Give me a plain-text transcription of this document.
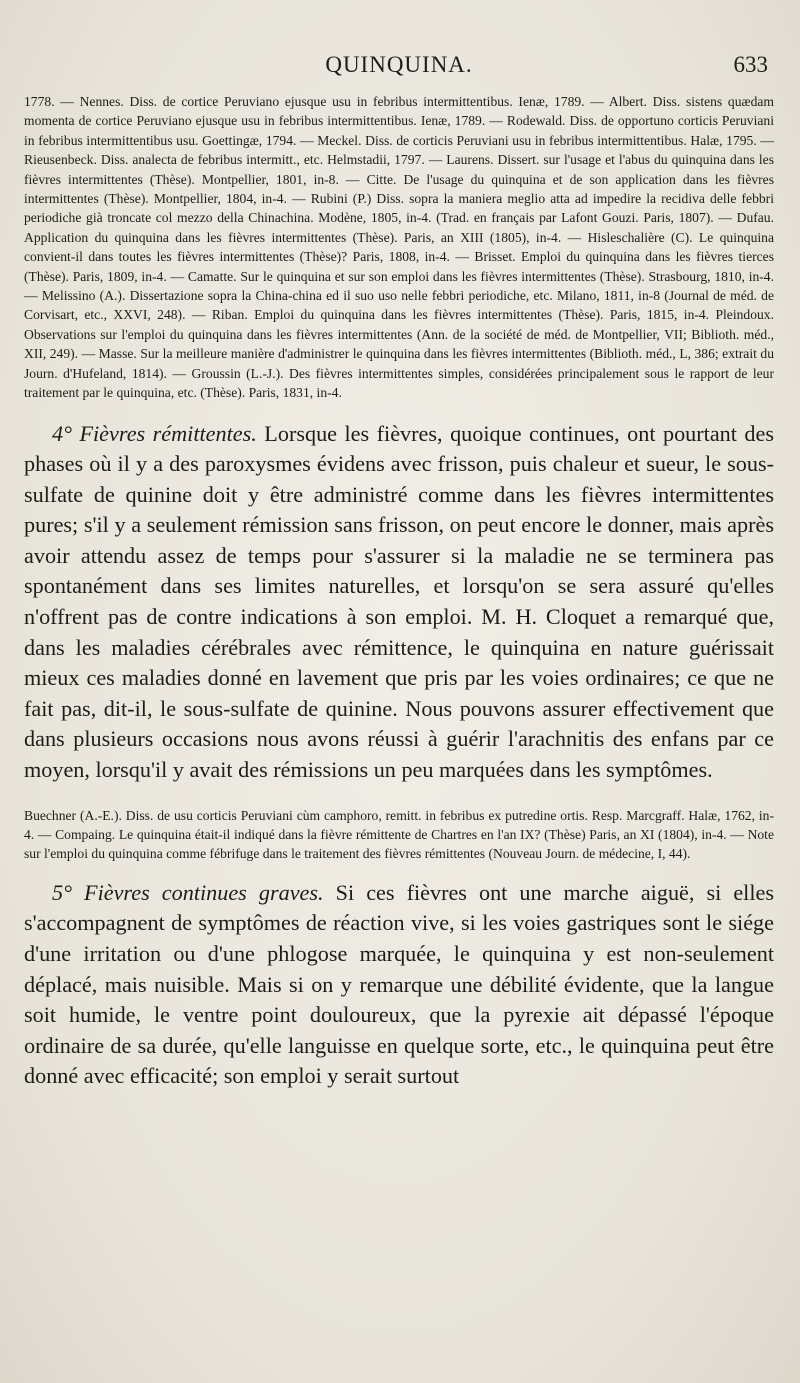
QUINQUINA.	633

1778. — Nennes. Diss. de cortice Peruviano ejusque usu in febribus intermittentibus. Ienæ, 1789. — Albert. Diss. sistens quædam momenta de cortice Peruviano ejusque usu in febribus intermittentibus. Ienæ, 1789. — Rodewald. Diss. de opportuno corticis Peruviani in febribus intermittentibus usu. Goettingæ, 1794. — Meckel. Diss. de corticis Peruviani usu in febribus intermittentibus. Halæ, 1795. — Rieusenbeck. Diss. analecta de febribus intermitt., etc. Helmstadii, 1797. — Laurens. Dissert. sur l'usage et l'abus du quinquina dans les fièvres intermittentes (Thèse). Montpellier, 1801, in-8. — Citte. De l'usage du quinquina et de son application dans les fièvres intermittentes (Thèse). Montpellier, 1804, in-4. — Rubini (P.) Diss. sopra la maniera meglio atta ad impedire la recidiva delle febbri periodiche già troncate col mezzo della Chinachina. Modène, 1805, in-4. (Trad. en français par Lafont Gouzi. Paris, 1807). — Dufau. Application du quinquina dans les fièvres intermittentes (Thèse). Paris, an XIII (1805), in-4. — Hisleschalière (C). Le quinquina convient-il dans toutes les fièvres intermittentes (Thèse)? Paris, 1808, in-4. — Brisset. Emploi du quinquina dans les fièvres tierces (Thèse). Paris, 1809, in-4. — Camatte. Sur le quinquina et sur son emploi dans les fièvres intermittentes (Thèse). Strasbourg, 1810, in-4. — Melissino (A.). Dissertazione sopra la China-china ed il suo uso nelle febbri periodiche, etc. Milano, 1811, in-8 (Journal de méd. de Corvisart, etc., XXVI, 248). — Riban. Emploi du quinquina dans les fièvres intermittentes (Thèse). Paris, 1815, in-4. Pleindoux. Observations sur l'emploi du quinquina dans les fièvres intermittentes (Ann. de la société de méd. de Montpellier, VII; Biblioth. méd., XII, 249). — Masse. Sur la meilleure manière d'administrer le quinquina dans les fièvres intermittentes (Biblioth. méd., L, 386; extrait du Journ. d'Hufeland, 1814). — Groussin (L.-J.). Des fièvres intermittentes simples, considérées principalement sous le rapport de leur traitement par le quinquina, etc. (Thèse). Paris, 1831, in-4.

4° Fièvres rémittentes. Lorsque les fièvres, quoique continues, ont pourtant des phases où il y a des paroxysmes évidens avec frisson, puis chaleur et sueur, le sous-sulfate de quinine doit y être administré comme dans les fièvres intermittentes pures; s'il y a seulement rémission sans frisson, on peut encore le donner, mais après avoir attendu assez de temps pour s'assurer si la maladie ne se terminera pas spontanément dans ses limites naturelles, et lorsqu'on se sera assuré qu'elles n'offrent pas de contre indications à son emploi. M. H. Cloquet a remarqué que, dans les maladies cérébrales avec rémittence, le quinquina en nature guérissait mieux ces maladies donné en lavement que pris par les voies ordinaires; ce que ne fait pas, dit-il, le sous-sulfate de quinine. Nous pouvons assurer effectivement que dans plusieurs occasions nous avons réussi à guérir l'arachnitis des enfans par ce moyen, lorsqu'il y avait des rémissions un peu marquées dans les symptômes.

Buechner (A.-E.). Diss. de usu corticis Peruviani cùm camphoro, remitt. in febribus ex putredine ortis. Resp. Marcgraff. Halæ, 1762, in-4. — Compaing. Le quinquina était-il indiqué dans la fièvre rémittente de Chartres en l'an IX? (Thèse) Paris, an XI (1804), in-4. — Note sur l'emploi du quinquina comme fébrifuge dans le traitement des fièvres rémittentes (Nouveau Journ. de médecine, I, 44).

5° Fièvres continues graves. Si ces fièvres ont une marche aiguë, si elles s'accompagnent de symptômes de réaction vive, si les voies gastriques sont le siége d'une irritation ou d'une phlogose marquée, le quinquina y est non-seulement déplacé, mais nuisible. Mais si on y remarque une débilité évidente, que la langue soit humide, le ventre point douloureux, que la pyrexie ait dépassé l'époque ordinaire de sa durée, qu'elle languisse en quelque sorte, etc., le quinquina peut être donné avec efficacité; son emploi y serait surtout
